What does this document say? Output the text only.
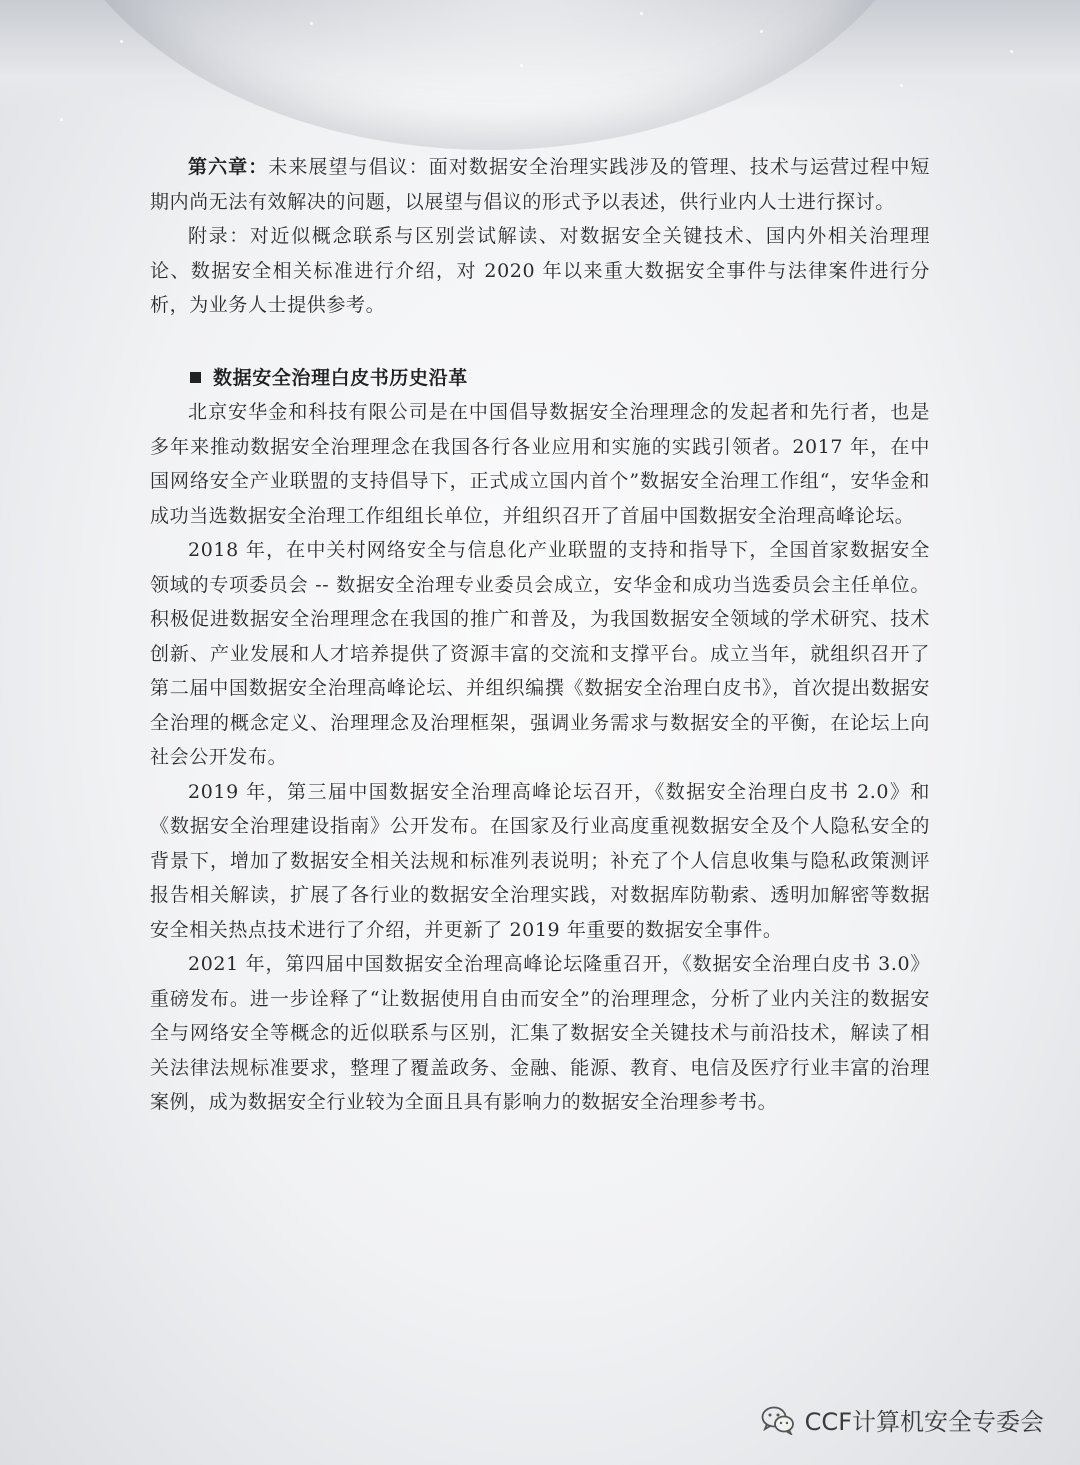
第六章：未来展望与倡议：面对数据安全治理实践涉及的管理、技术与运营过程中短期内尚无法有效解决的问题，以展望与倡议的形式予以表述，供行业内人士进行探讨。

附录：对近似概念联系与区别尝试解读、对数据安全关键技术、国内外相关治理理论、数据安全相关标准进行介绍，对 2020 年以来重大数据安全事件与法律案件进行分析，为业务人士提供参考。

数据安全治理白皮书历史沿革

北京安华金和科技有限公司是在中国倡导数据安全治理理念的发起者和先行者，也是多年来推动数据安全治理理念在我国各行各业应用和实施的实践引领者。2017 年，在中国网络安全产业联盟的支持倡导下，正式成立国内首个”数据安全治理工作组“，安华金和成功当选数据安全治理工作组组长单位，并组织召开了首届中国数据安全治理高峰论坛。

2018 年，在中关村网络安全与信息化产业联盟的支持和指导下，全国首家数据安全领域的专项委员会 -- 数据安全治理专业委员会成立，安华金和成功当选委员会主任单位。积极促进数据安全治理理念在我国的推广和普及，为我国数据安全领域的学术研究、技术创新、产业发展和人才培养提供了资源丰富的交流和支撑平台。成立当年，就组织召开了第二届中国数据安全治理高峰论坛、并组织编撰《数据安全治理白皮书》，首次提出数据安全治理的概念定义、治理理念及治理框架，强调业务需求与数据安全的平衡，在论坛上向社会公开发布。

2019 年，第三届中国数据安全治理高峰论坛召开，《数据安全治理白皮书 2.0》和《数据安全治理建设指南》公开发布。在国家及行业高度重视数据安全及个人隐私安全的背景下，增加了数据安全相关法规和标准列表说明；补充了个人信息收集与隐私政策测评报告相关解读，扩展了各行业的数据安全治理实践，对数据库防勒索、透明加解密等数据安全相关热点技术进行了介绍，并更新了 2019 年重要的数据安全事件。

2021 年，第四届中国数据安全治理高峰论坛隆重召开，《数据安全治理白皮书 3.0》重磅发布。进一步诠释了“让数据使用自由而安全”的治理理念，分析了业内关注的数据安全与网络安全等概念的近似联系与区别，汇集了数据安全关键技术与前沿技术，解读了相关法律法规标准要求，整理了覆盖政务、金融、能源、教育、电信及医疗行业丰富的治理案例，成为数据安全行业较为全面且具有影响力的数据安全治理参考书。

CCF计算机安全专委会
